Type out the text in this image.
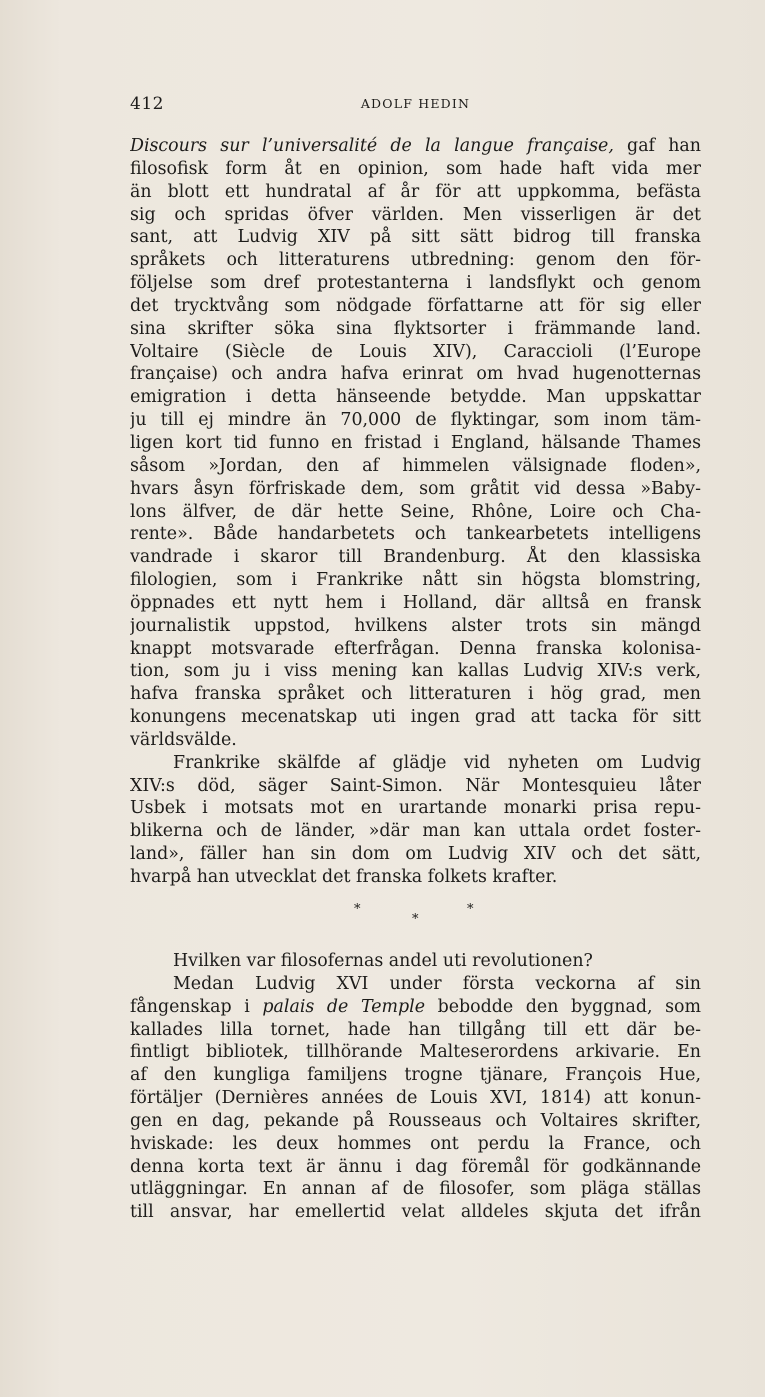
412	ADOLF HEDIN
Discours sur l’universalité de la langue française, gaf han
filosofisk form åt en opinion, som hade haft vida mer
än blott ett hundratal af år för att uppkomma, befästa
sig och spridas öfver världen. Men visserligen är det
sant, att Ludvig XIV på sitt sätt bidrog till franska
språkets och litteraturens utbredning: genom den för-
följelse som dref protestanterna i landsflykt och genom
det trycktvång som nödgade författarne att för sig eller
sina skrifter söka sina flyktsorter i främmande land.
Voltaire (Siècle de Louis XIV), Caraccioli (l’Europe
française) och andra hafva erinrat om hvad hugenotternas
emigration i detta hänseende betydde. Man uppskattar
ju till ej mindre än 70,000 de flyktingar, som inom täm-
ligen kort tid funno en fristad i England, hälsande Thames
såsom »Jordan, den af himmelen välsignade floden»,
hvars åsyn förfriskade dem, som gråtit vid dessa »Baby-
lons älfver, de där hette Seine, Rhône, Loire och Cha-
rente». Både handarbetets och tankearbetets intelligens
vandrade i skaror till Brandenburg. Åt den klassiska
filologien, som i Frankrike nått sin högsta blomstring,
öppnades ett nytt hem i Holland, där alltså en fransk
journalistik uppstod, hvilkens alster trots sin mängd
knappt motsvarade efterfrågan. Denna franska kolonisa-
tion, som ju i viss mening kan kallas Ludvig XIV:s verk,
hafva franska språket och litteraturen i hög grad, men
konungens mecenatskap uti ingen grad att tacka för sitt
världsvälde.
Frankrike skälfde af glädje vid nyheten om Ludvig
XIV:s död, säger Saint-Simon. När Montesquieu låter
Usbek i motsats mot en urartande monarki prisa repu-
blikerna och de länder, »där man kan uttala ordet foster-
land», fäller han sin dom om Ludvig XIV och det sätt,
hvarpå han utvecklat det franska folkets krafter.
*
*
*
Hvilken var filosofernas andel uti revolutionen?
Medan Ludvig XVI under första veckorna af sin
fångenskap i palais de Temple bebodde den byggnad, som
kallades lilla tornet, hade han tillgång till ett där be-
fintligt bibliotek, tillhörande Malteserordens arkivarie. En
af den kungliga familjens trogne tjänare, François Hue,
förtäljer (Dernières années de Louis XVI, 1814) att konun-
gen en dag, pekande på Rousseaus och Voltaires skrifter,
hviskade: les deux hommes ont perdu la France, och
denna korta text är ännu i dag föremål för godkännande
utläggningar. En annan af de filosofer, som pläga ställas
till ansvar, har emellertid velat alldeles skjuta det ifrån
